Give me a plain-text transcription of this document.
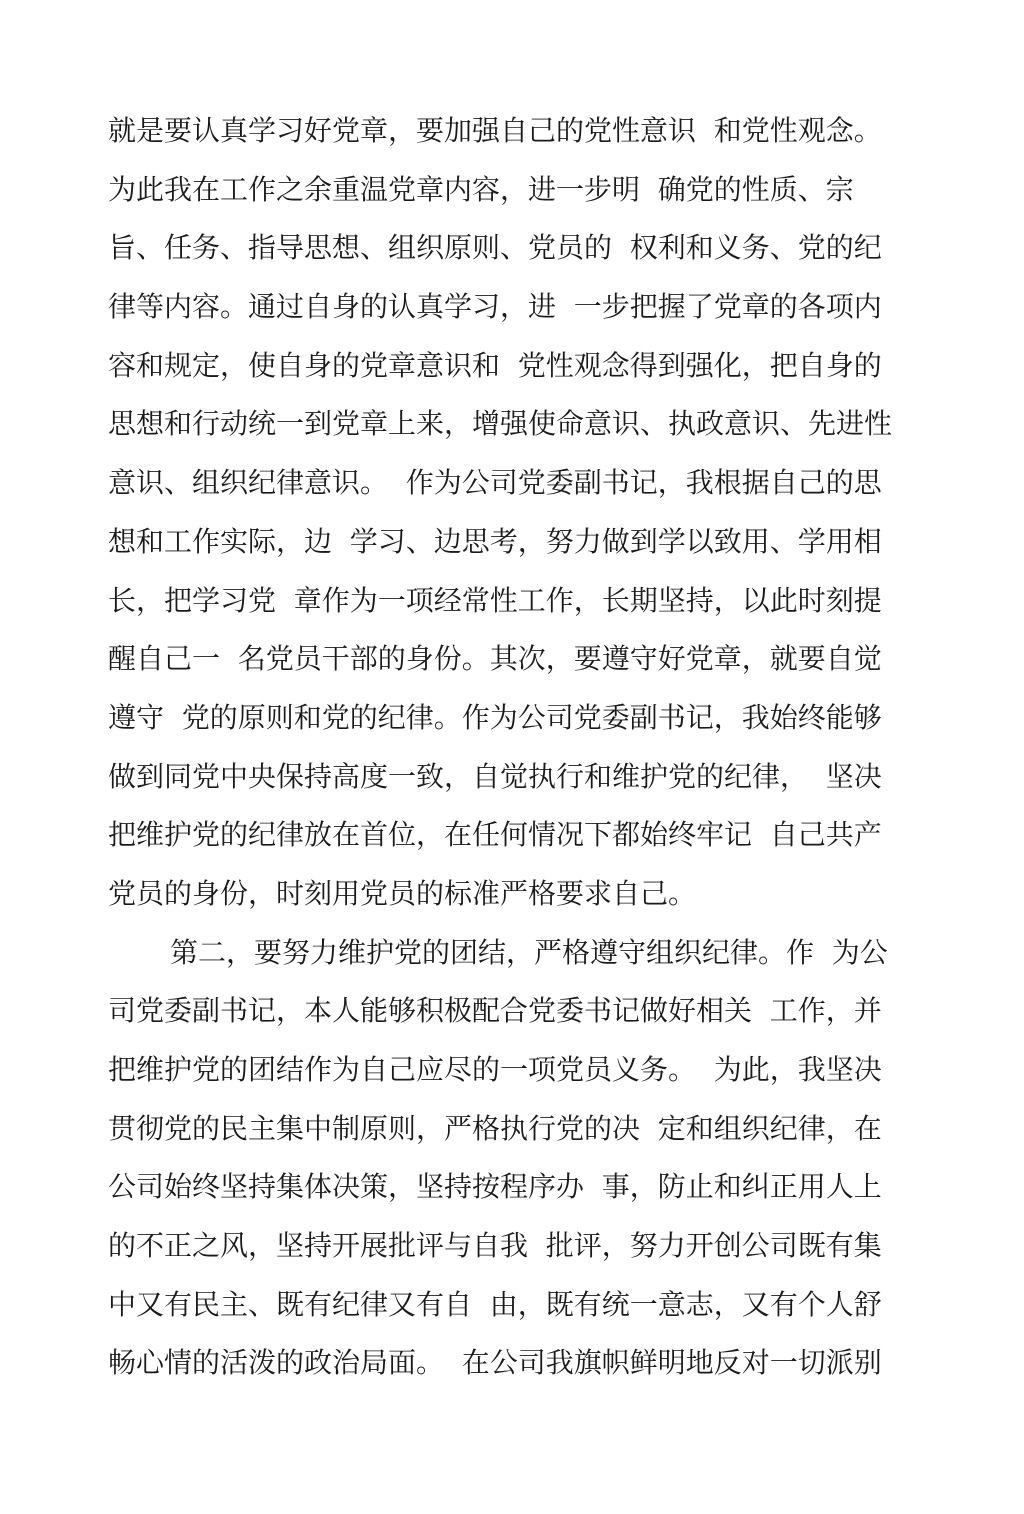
就是要认真学习好党章，要加强自己的党性意识  和党性观念。
为此我在工作之余重温党章内容，进一步明  确党的性质、宗
旨、任务、指导思想、组织原则、党员的  权利和义务、党的纪
律等内容。通过自身的认真学习，进  一步把握了党章的各项内
容和规定，使自身的党章意识和  党性观念得到强化，把自身的
思想和行动统一到党章上来，增强使命意识、执政意识、先进性
意识、组织纪律意识。  作为公司党委副书记，我根据自己的思
想和工作实际，边  学习、边思考，努力做到学以致用、学用相
长，把学习党  章作为一项经常性工作，长期坚持，以此时刻提
醒自己一  名党员干部的身份。其次，要遵守好党章，就要自觉
遵守  党的原则和党的纪律。作为公司党委副书记，我始终能够
做到同党中央保持高度一致，自觉执行和维护党的纪律，  坚决
把维护党的纪律放在首位，在任何情况下都始终牢记  自己共产
党员的身份，时刻用党员的标准严格要求自己。
第二，要努力维护党的团结，严格遵守组织纪律。作  为公
司党委副书记，本人能够积极配合党委书记做好相关  工作，并
把维护党的团结作为自己应尽的一项党员义务。  为此，我坚决
贯彻党的民主集中制原则，严格执行党的决  定和组织纪律，在
公司始终坚持集体决策，坚持按程序办  事，防止和纠正用人上
的不正之风，坚持开展批评与自我  批评，努力开创公司既有集
中又有民主、既有纪律又有自  由，既有统一意志，又有个人舒
畅心情的活泼的政治局面。  在公司我旗帜鲜明地反对一切派别
